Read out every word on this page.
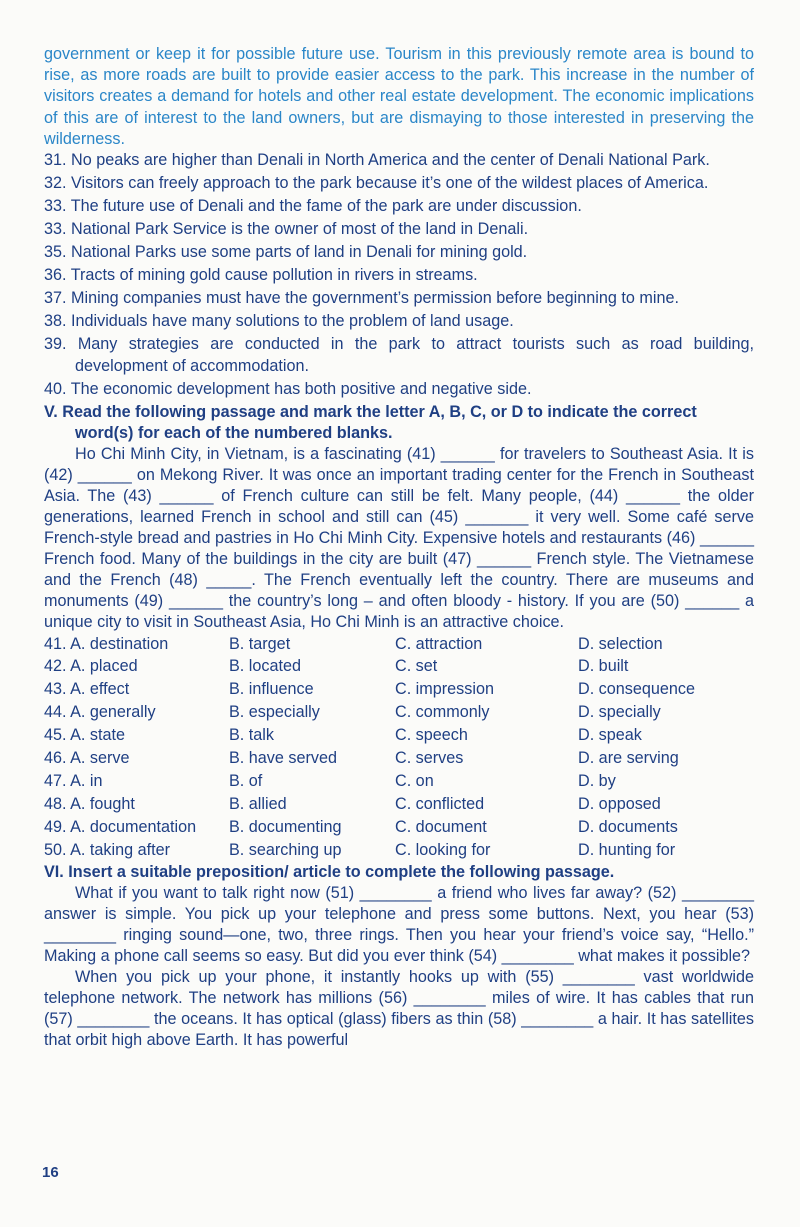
government or keep it for possible future use. Tourism in this previously remote area is bound to rise, as more roads are built to provide easier access to the park. This increase in the number of visitors creates a demand for hotels and other real estate development. The economic implications of this are of interest to the land owners, but are dismaying to those interested in preserving the wilderness.

31. No peaks are higher than Denali in North America and the center of Denali National Park.
32. Visitors can freely approach to the park because it’s one of the wildest places of America.
33. The future use of Denali and the fame of the park are under discussion.
33. National Park Service is the owner of most of the land in Denali.
35. National Parks use some parts of land in Denali for mining gold.
36. Tracts of mining gold cause pollution in rivers in streams.
37. Mining companies must have the government’s permission before beginning to mine.
38. Individuals have many solutions to the problem of land usage.
39. Many strategies are conducted in the park to attract tourists such as road building, development of accommodation.
40. The economic development has both positive and negative side.

V. Read the following passage and mark the letter A, B, C, or D to indicate the correct word(s) for each of the numbered blanks.

Ho Chi Minh City, in Vietnam, is a fascinating (41) ______ for travelers to Southeast Asia. It is (42) ______ on Mekong River. It was once an important trading center for the French in Southeast Asia. The (43) ______ of French culture can still be felt. Many people, (44) ______ the older generations, learned French in school and still can (45) _______ it very well. Some café serve French-style bread and pastries in Ho Chi Minh City. Expensive hotels and restaurants (46) ______ French food. Many of the buildings in the city are built (47) ______ French style. The Vietnamese and the French (48) _____. The French eventually left the country. There are museums and monuments (49) ______ the country’s long – and often bloody - history. If you are (50) ______ a unique city to visit in Southeast Asia, Ho Chi Minh is an attractive choice.

41. A. destination	B. target	C. attraction	D. selection
42. A. placed	B. located	C. set	D. built
43. A. effect	B. influence	C. impression	D. consequence
44. A. generally	B. especially	C. commonly	D. specially
45. A. state	B. talk	C. speech	D. speak
46. A. serve	B. have served	C. serves	D. are serving
47. A. in	B. of	C. on	D. by
48. A. fought	B. allied	C. conflicted	D. opposed
49. A. documentation	B. documenting	C. document	D. documents
50. A. taking after	B. searching up	C. looking for	D. hunting for

VI. Insert a suitable preposition/ article to complete the following passage.

What if you want to talk right now (51) ________ a friend who lives far away? (52) ________ answer is simple. You pick up your telephone and press some buttons. Next, you hear (53) ________ ringing sound—one, two, three rings. Then you hear your friend’s voice say, “Hello.” Making a phone call seems so easy. But did you ever think (54) ________ what makes it possible?

When you pick up your phone, it instantly hooks up with (55) ________ vast worldwide telephone network. The network has millions (56) ________ miles of wire. It has cables that run (57) ________ the oceans. It has optical (glass) fibers as thin (58) ________ a hair. It has satellites that orbit high above Earth. It has powerful

16
